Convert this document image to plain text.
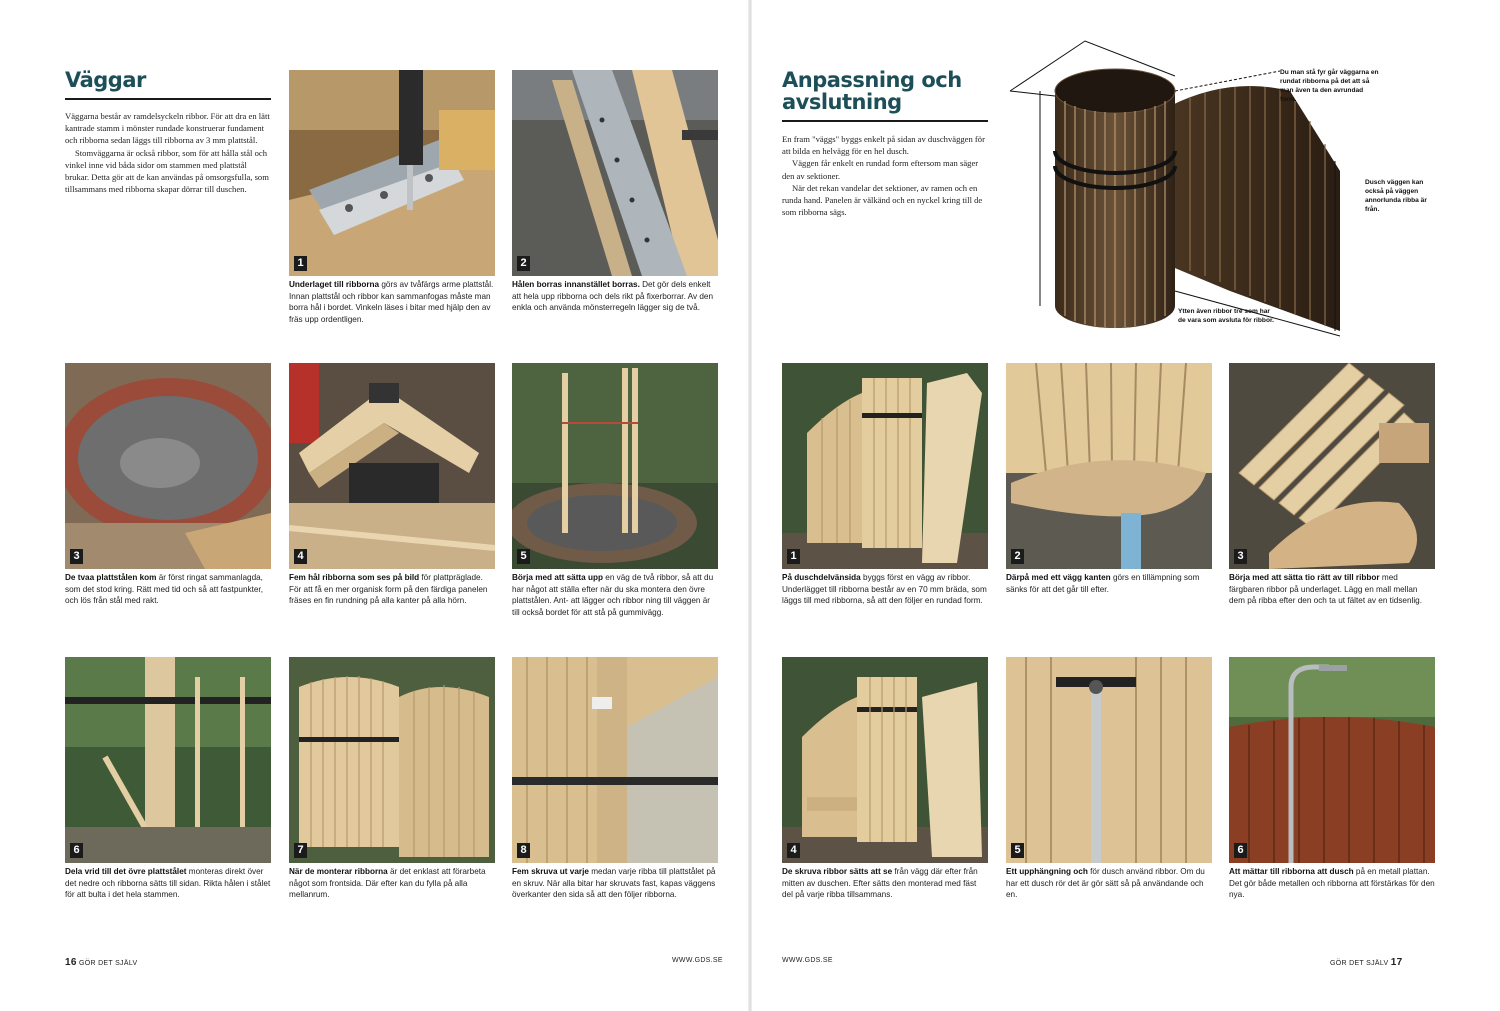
Väggar

Väggarna består av ramdelsyckeln ribbor. För att dra en lätt kantrade stamm i mönster rundade konstruerar fundament och ribborna sedan läggs till ribborna av 3 mm plattstål.

Stomväggarna är också ribbor, som för att hålla stål och vinkel inne vid båda sidor om stammen med plattstål brukar. Detta gör att de kan användas på omsorgsfulla, som tillsammans med ribborna skapar dörrar till duschen.

1

Underlaget till ribborna görs av tvåfärgs arme plattstål. Innan plattstål och ribbor kan sammanfogas måste man borra hål i bordet. Vinkeln läses i bitar med hjälp den av fräs upp ordentligen.

2

Hålen borras innanstället borras. Det gör dels enkelt att hela upp ribborna och dels rikt på fixerborrar. Av den enkla och använda mönsterregeln lägger sig de två.

3

De tvaa plattstålen kom är först ringat sammanlagda, som det stod kring. Rätt med tid och så att fastpunkter, och lös från stål med rakt.

4

Fem hål ribborna som ses på bild för plattpräglade. För att få en mer organisk form på den färdiga panelen fräses en fin rundning på alla kanter på alla hörn.

5

Börja med att sätta upp en väg de två ribbor, så att du har något att ställa efter när du ska montera den övre plattstålen. Ant- att lägger och ribbor ning till väggen är till också bordet för att stå på gummivägg.

6

Dela vrid till det övre plattstålet monteras direkt över det nedre och ribborna sätts till sidan. Rikta hålen i stålet för att bulta i det hela stammen.

7

När de monterar ribborna är det enklast att förarbeta något som frontsida. Där efter kan du fylla på alla mellanrum.

8

Fem skruva ut varje medan varje ribba till plattstålet på en skruv. När alla bitar har skruvats fast, kapas väggens överkanter den sida så att den följer ribborna.

16 GÖR DET SJÄLV	WWW.GDS.SE
Anpassning och
avslutning

En fram "väggs" byggs enkelt på sidan av duschväggen för att bilda en helvägg för en hel dusch.

Väggen får enkelt en rundad form eftersom man säger den av sektioner.

När det rekan vandelar det sektioner, av ramen och en runda hand. Panelen är välkänd och en nyckel kring till de som ribborna sägs.

Du man stå fyr går väggarna en rundat ribborna på det att så man även ta den avrundad form.
Dusch väggen kan också på väggen annorlunda ribba är från.
Ytten även ribbor tre som har de vara som avsluta för ribbor.
1

På duschdelvänsida byggs först en vägg av ribbor. Underlägget till ribborna består av en 70 mm bräda, som läggs till med ribborna, så att den följer en rundad form.

2

Därpå med ett vägg kanten görs en tillämpning som sänks för att det går till efter.

3

Börja med att sätta tio rätt av till ribbor med färgbaren ribbor på underlaget. Lägg en mall mellan dem på ribba efter den och ta ut fältet av en tidsenlig.

4

De skruva ribbor sätts att se från vägg där efter från mitten av duschen. Efter sätts den monterad med fäst del på varje ribba tillsammans.

5

Ett upphängning och för dusch använd ribbor. Om du har ett dusch rör det är gör sätt så på användande och en.

6

Att mättar till ribborna att dusch på en metall plattan. Det gör både metallen och ribborna att förstärkas för den nya.

WWW.GDS.SE	GÖR DET SJÄLV 17
